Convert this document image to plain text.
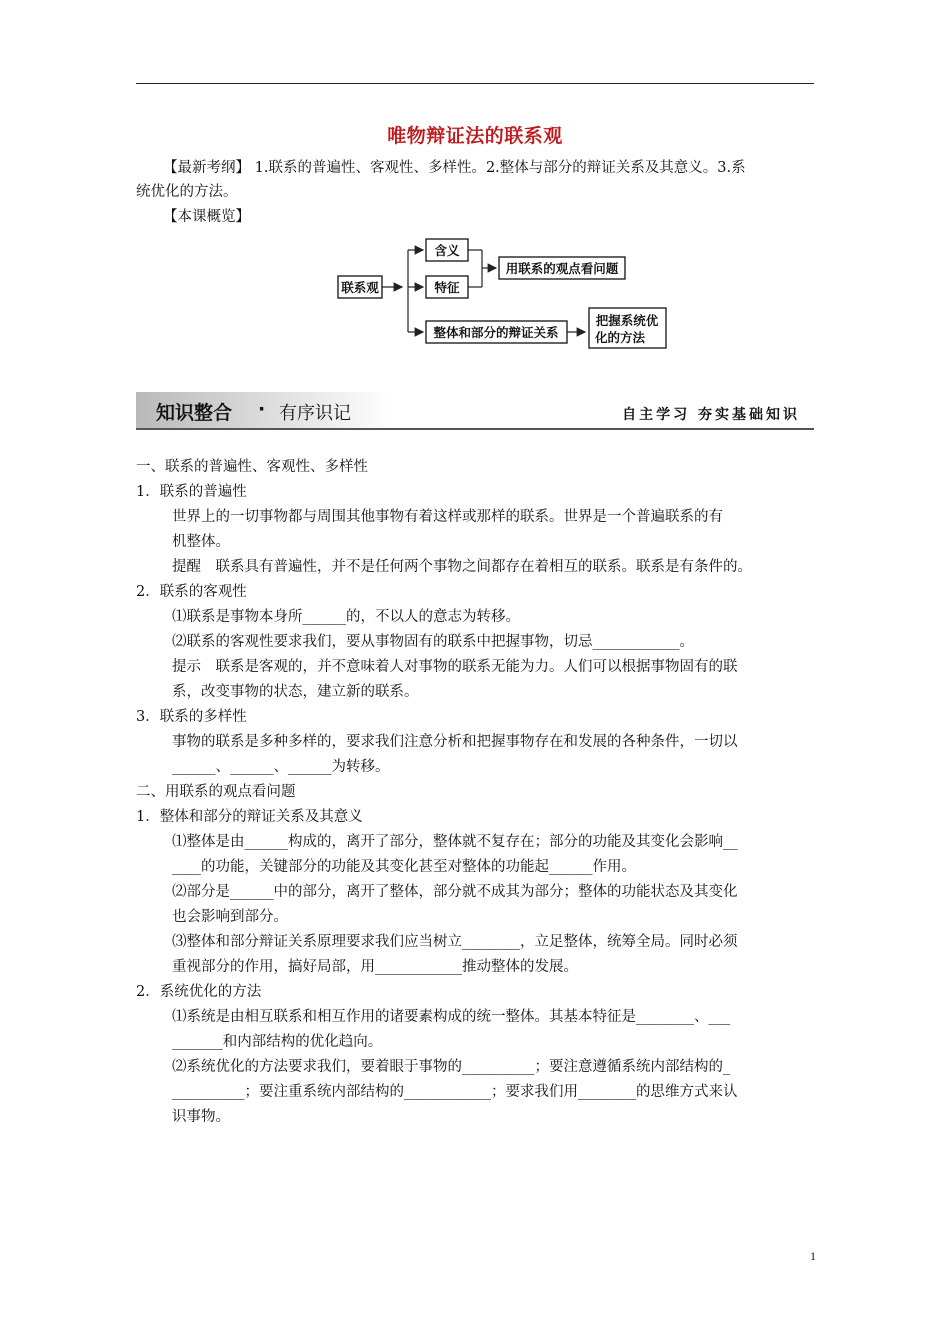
唯物辩证法的联系观
【最新考纲】 1.联系的普遍性、客观性、多样性。2.整体与部分的辩证关系及其意义。3.系
统优化的方法。
【本课概览】
联系观
含义
特征
用联系的观点看问题
整体和部分的辩证关系
把握系统优
化的方法
知识整合 · 有序识记	自主学习 夯实基础知识
一、联系的普遍性、客观性、多样性
1．联系的普遍性
世界上的一切事物都与周围其他事物有着这样或那样的联系。世界是一个普遍联系的有
机整体。
提醒　联系具有普遍性，并不是任何两个事物之间都存在着相互的联系。联系是有条件的。
2．联系的客观性
⑴联系是事物本身所______的，不以人的意志为转移。
⑵联系的客观性要求我们，要从事物固有的联系中把握事物，切忌____________。
提示　联系是客观的，并不意味着人对事物的联系无能为力。人们可以根据事物固有的联
系，改变事物的状态，建立新的联系。
3．联系的多样性
事物的联系是多种多样的，要求我们注意分析和把握事物存在和发展的各种条件，一切以
______、______、______为转移。
二、用联系的观点看问题
1．整体和部分的辩证关系及其意义
⑴整体是由______构成的，离开了部分，整体就不复存在；部分的功能及其变化会影响__
____的功能，关键部分的功能及其变化甚至对整体的功能起______作用。
⑵部分是______中的部分，离开了整体，部分就不成其为部分；整体的功能状态及其变化
也会影响到部分。
⑶整体和部分辩证关系原理要求我们应当树立________，立足整体，统筹全局。同时必须
重视部分的作用，搞好局部，用____________推动整体的发展。
2．系统优化的方法
⑴系统是由相互联系和相互作用的诸要素构成的统一整体。其基本特征是________、___
_______和内部结构的优化趋向。
⑵系统优化的方法要求我们，要着眼于事物的__________；要注意遵循系统内部结构的_
__________；要注重系统内部结构的____________；要求我们用________的思维方式来认
识事物。
1
